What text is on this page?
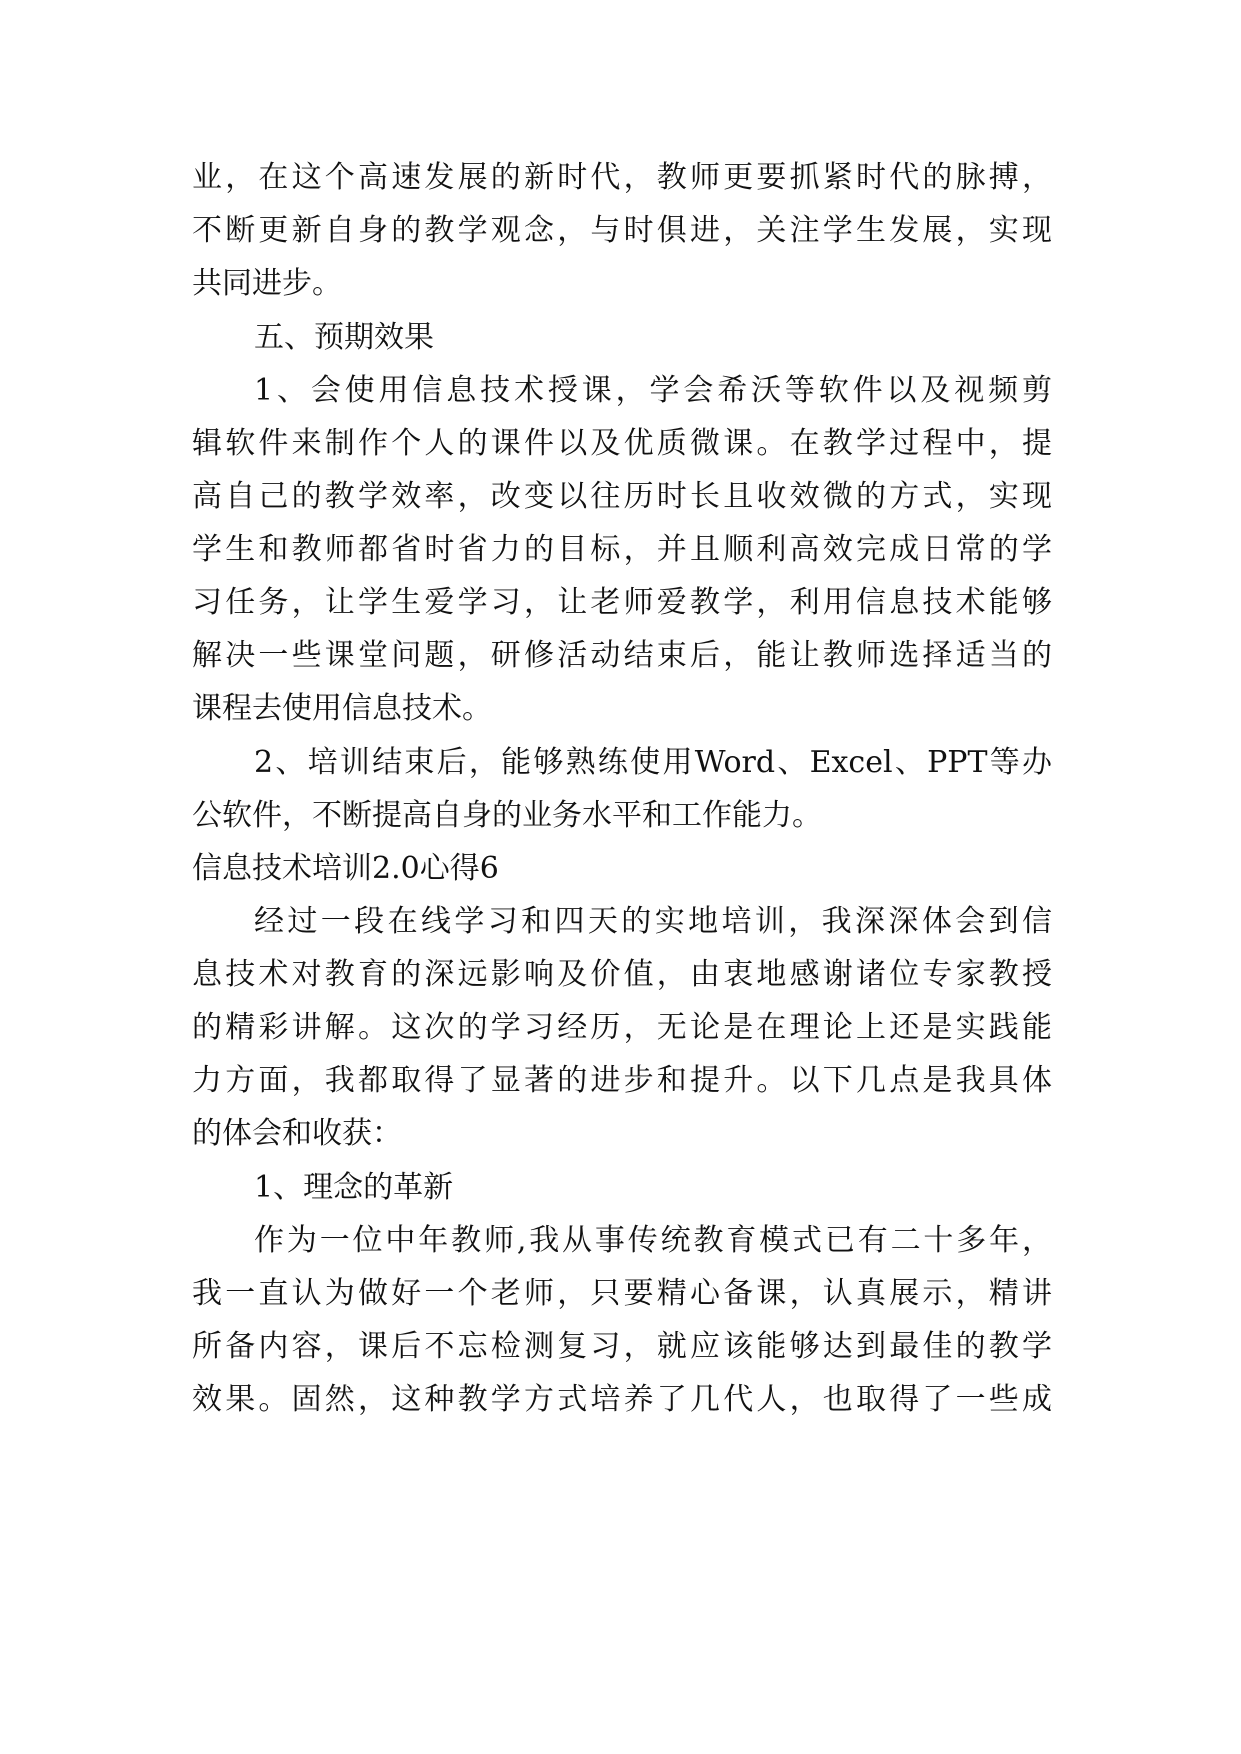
业，在这个高速发展的新时代，教师更要抓紧时代的脉搏，
不断更新自身的教学观念，与时俱进，关注学生发展，实现
共同进步。
五、预期效果
1、会使用信息技术授课，学会希沃等软件以及视频剪
辑软件来制作个人的课件以及优质微课。在教学过程中，提
高自己的教学效率，改变以往历时长且收效微的方式，实现
学生和教师都省时省力的目标，并且顺利高效完成日常的学
习任务，让学生爱学习，让老师爱教学，利用信息技术能够
解决一些课堂问题，研修活动结束后，能让教师选择适当的
课程去使用信息技术。
2、培训结束后，能够熟练使用Word、Excel、PPT等办
公软件，不断提高自身的业务水平和工作能力。
信息技术培训2.0心得6
经过一段在线学习和四天的实地培训，我深深体会到信
息技术对教育的深远影响及价值，由衷地感谢诸位专家教授
的精彩讲解。这次的学习经历，无论是在理论上还是实践能
力方面，我都取得了显著的进步和提升。以下几点是我具体
的体会和收获：
1、理念的革新
作为一位中年教师,我从事传统教育模式已有二十多年，
我一直认为做好一个老师，只要精心备课，认真展示，精讲
所备内容，课后不忘检测复习，就应该能够达到最佳的教学
效果。固然，这种教学方式培养了几代人，也取得了一些成
